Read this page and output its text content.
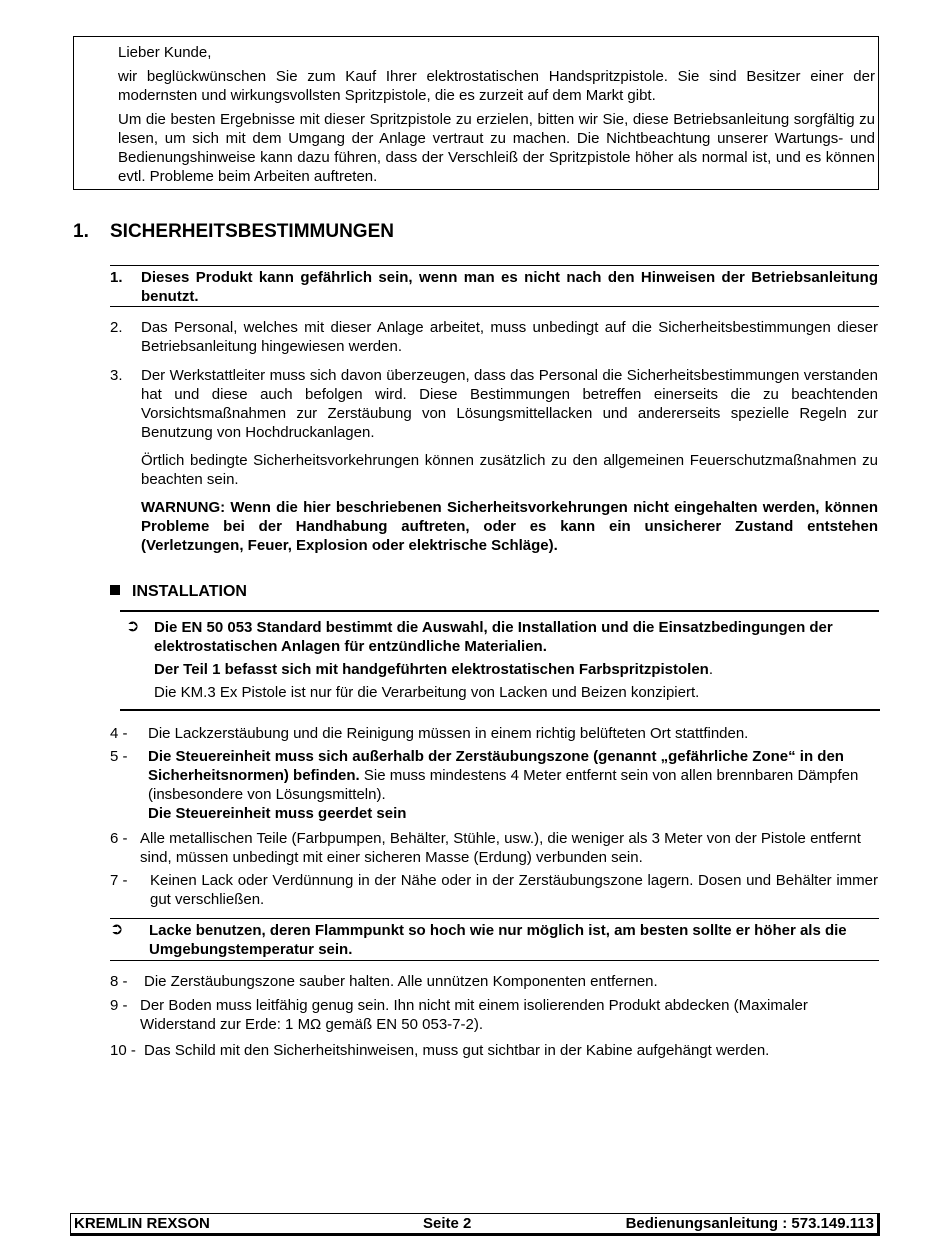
Lieber Kunde,

wir beglückwünschen Sie zum Kauf Ihrer elektrostatischen Handspritzpistole. Sie sind Besitzer einer der modernsten und wirkungsvollsten Spritzpistole, die es zurzeit auf dem Markt gibt.

Um die besten Ergebnisse mit dieser Spritzpistole zu erzielen, bitten wir Sie, diese Betriebsanleitung sorgfältig zu lesen, um sich mit dem Umgang der Anlage vertraut zu machen. Die Nichtbeachtung unserer Wartungs- und Bedienungshinweise kann dazu führen, dass der Verschleiß der Spritzpistole höher als normal ist, und es können evtl. Probleme beim Arbeiten auftreten.

1. SICHERHEITSBESTIMMUNGEN
1. Dieses Produkt kann gefährlich sein, wenn man es nicht nach den Hinweisen der Betriebsanleitung benutzt.
2. Das Personal, welches mit dieser Anlage arbeitet, muss unbedingt auf die Sicherheitsbestimmungen dieser Betriebsanleitung hingewiesen werden.
3. Der Werkstattleiter muss sich davon überzeugen, dass das Personal die Sicherheitsbestimmungen verstanden hat und diese auch befolgen wird. Diese Bestimmungen betreffen einerseits die zu beachtenden Vorsichtsmaßnahmen zur Zerstäubung von Lösungsmittellacken und andererseits spezielle Regeln zur Benutzung von Hochdruckanlagen.

Örtlich bedingte Sicherheitsvorkehrungen können zusätzlich zu den allgemeinen Feuerschutzmaßnahmen zu beachten sein.

WARNUNG: Wenn die hier beschriebenen Sicherheitsvorkehrungen nicht eingehalten werden, können Probleme bei der Handhabung auftreten, oder es kann ein unsicherer Zustand entstehen (Verletzungen, Feuer, Explosion oder elektrische Schläge).

INSTALLATION
➲ Die EN 50 053 Standard bestimmt die Auswahl, die Installation und die Einsatzbedingungen der elektrostatischen Anlagen für entzündliche Materialien.

Der Teil 1 befasst sich mit handgeführten elektrostatischen Farbspritzpistolen.

Die KM.3 Ex Pistole ist nur für die Verarbeitung von Lacken und Beizen konzipiert.

4 - Die Lackzerstäubung und die Reinigung müssen in einem richtig belüfteten Ort stattfinden.

5 - Die Steuereinheit muss sich außerhalb der Zerstäubungszone (genannt „gefährliche Zone“ in den Sicherheitsnormen) befinden. Sie muss mindestens 4 Meter entfernt sein von allen brennbaren Dämpfen (insbesondere von Lösungsmitteln).

Die Steuereinheit muss geerdet sein

6 - Alle metallischen Teile (Farbpumpen, Behälter, Stühle, usw.), die weniger als 3 Meter von der Pistole entfernt sind, müssen unbedingt mit einer sicheren Masse (Erdung) verbunden sein.

7 - Keinen Lack oder Verdünnung in der Nähe oder in der Zerstäubungszone lagern. Dosen und Behälter immer gut verschließen.

➲ Lacke benutzen, deren Flammpunkt so hoch wie nur möglich ist, am besten sollte er höher als die Umgebungstemperatur sein.

8 - Die Zerstäubungszone sauber halten. Alle unnützen Komponenten entfernen.

9 - Der Boden muss leitfähig genug sein. Ihn nicht mit einem isolierenden Produkt abdecken (Maximaler Widerstand zur Erde: 1 MΩ gemäß EN 50 053-7-2).

10 - Das Schild mit den Sicherheitshinweisen, muss gut sichtbar in der Kabine aufgehängt werden.

KREMLIN REXSON	Seite 2	Bedienungsanleitung : 573.149.113
